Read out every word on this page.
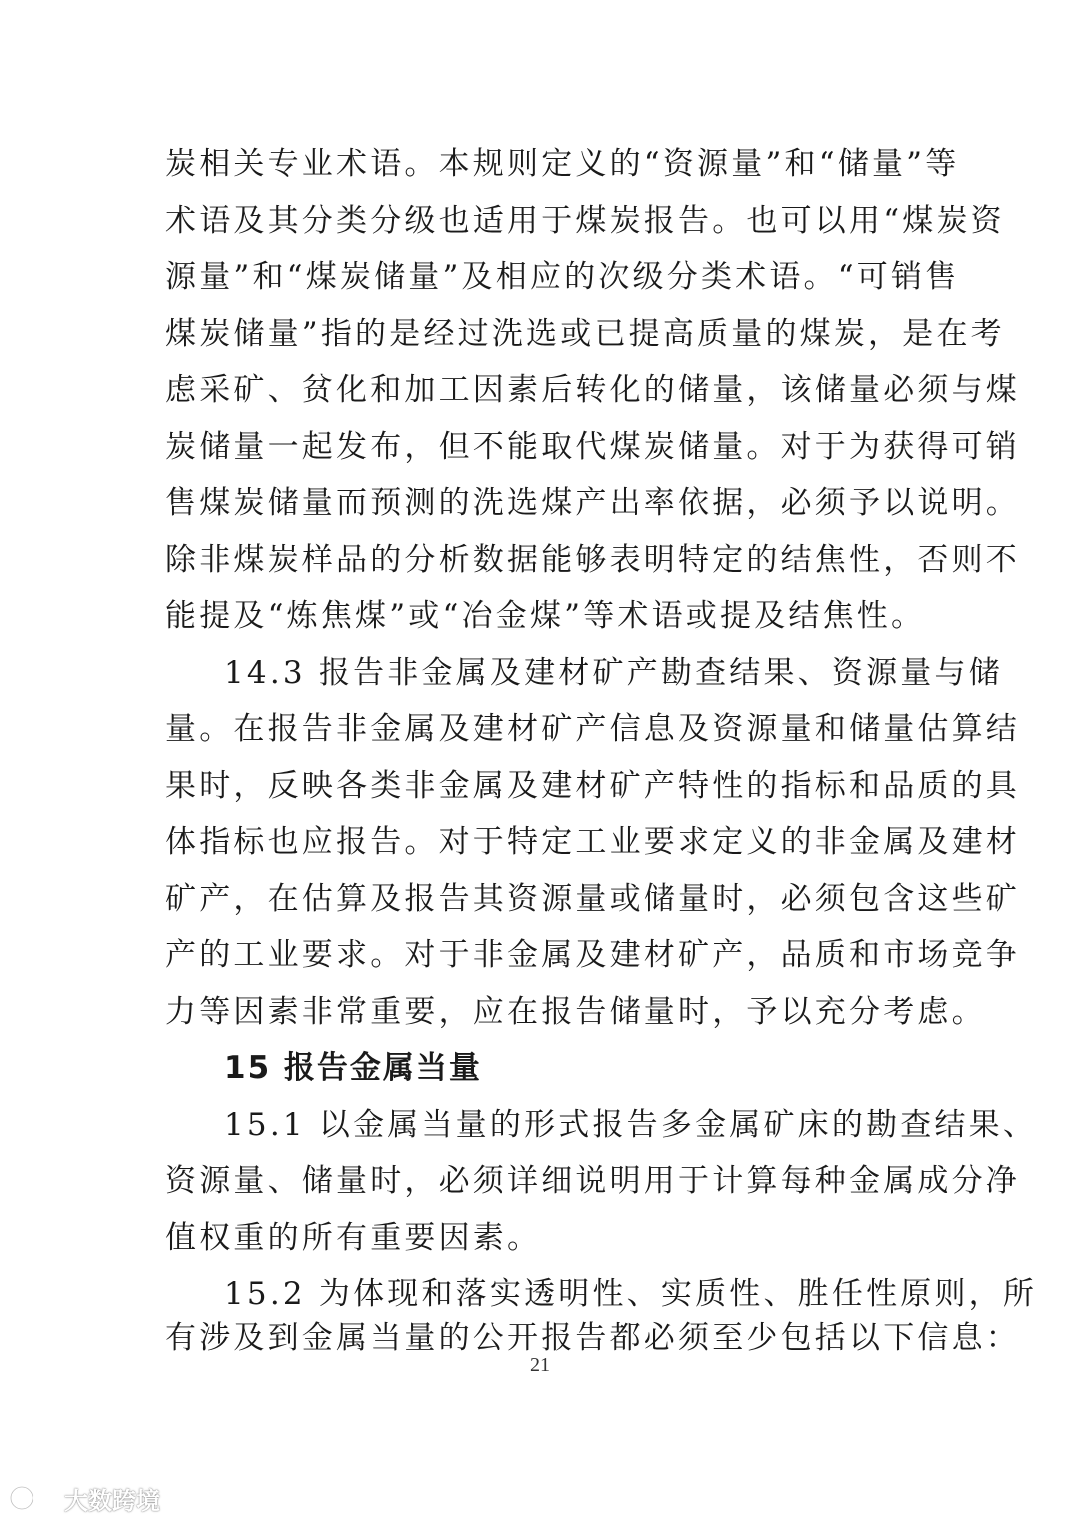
炭相关专业术语。本规则定义的“资源量”和“储量”等
术语及其分类分级也适用于煤炭报告。也可以用“煤炭资
源量”和“煤炭储量”及相应的次级分类术语。“可销售
煤炭储量”指的是经过洗选或已提高质量的煤炭，是在考
虑采矿、贫化和加工因素后转化的储量，该储量必须与煤
炭储量一起发布，但不能取代煤炭储量。对于为获得可销
售煤炭储量而预测的洗选煤产出率依据，必须予以说明。
除非煤炭样品的分析数据能够表明特定的结焦性，否则不
能提及“炼焦煤”或“冶金煤”等术语或提及结焦性。
14.3 报告非金属及建材矿产勘查结果、资源量与储
量。在报告非金属及建材矿产信息及资源量和储量估算结
果时，反映各类非金属及建材矿产特性的指标和品质的具
体指标也应报告。对于特定工业要求定义的非金属及建材
矿产，在估算及报告其资源量或储量时，必须包含这些矿
产的工业要求。对于非金属及建材矿产，品质和市场竞争
力等因素非常重要，应在报告储量时，予以充分考虑。
15 报告金属当量
15.1 以金属当量的形式报告多金属矿床的勘查结果、
资源量、储量时，必须详细说明用于计算每种金属成分净
值权重的所有重要因素。
15.2 为体现和落实透明性、实质性、胜任性原则，所
有涉及到金属当量的公开报告都必须至少包括以下信息：
21
大数跨境
